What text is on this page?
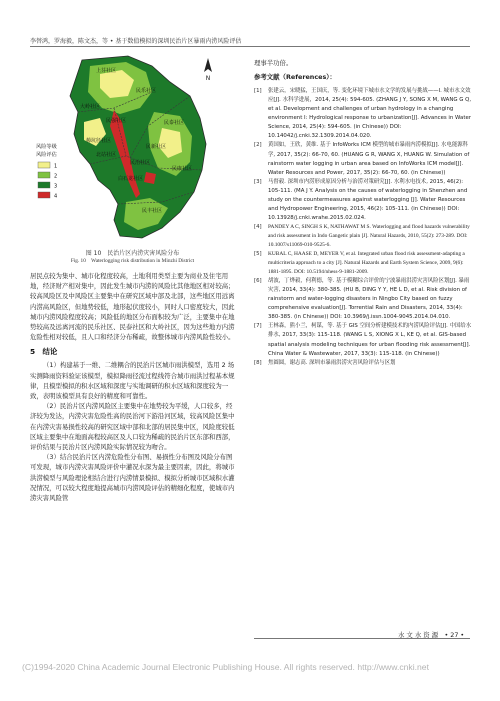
李替鸿，罗海毅，陈文杰，等 • 基于数值模拟的深圳民治片区暴雨内涝风险评估
N
上芬社区
民乐社区
大岭社区
民强社区
白石龙社区
民泰社区
民新社区
民康社区
民治社区
民丰社区
北站社区
樟坑径社区
风险等级
风险评估
1
2
3
4
图 10　民治片区内涝灾害风险分布
Fig. 10　Waterlogging risk distribution in Minzhi District

居民点较为集中、城市化程度较高，土地利用类型主要为商业及住宅用地，经济财产相对集中，因此发生城市内涝的风险比其他地区相对较高；较高风险区及中风险区主要集中在研究区域中部及北部，这些地区用远离内涝高风险区，但地势较低，地形起伏度较小，同时人口密度较大，因此城市内涝风险程度较高；风险低的地区分布面积较为广泛，主要集中在地势较高及远离河流的民乐社区、民泰社区和大岭社区，因为这些地方内涝危险性相对较低，且人口和经济分布稀疏，故整体城市内涝风险性较小。

5　结论

（1）构建基于一维、二维耦合的民治片区城市雨洪模型，选用 2 场实测降雨资料验证该模型，模拟降雨径流过程线符合城市雨洪过程基本规律，且模型模拟的积水区域和深度与实地调研的积水区域和深度较为一致，表明该模型具有良好的精度和可靠性。

（2）民治片区内涝风险区主要集中在地势较为平缓，人口较多，经济较为发达，内涝灾害危险性高的民治河下游沿河区域，较高风险区集中在内涝灾害易损性较高的研究区域中部和北部的居民集中区，风险度较低区域主要集中在地面高程较高区及人口较为稀疏的民治片区东部和西部，评价结果与民治片区内涝风险实际情况较为吻合。

（3）结合民治片区内涝危险性分布图、易损性分布图及风险分布图可发现，城市内涝灾害风险评价中灌况水深为最主要因素，因此，将城市洪涝模型与风险理论相结合进行内涝情景模拟、模拟分析城市区域积水灌况情况，可以较大程度地提高城市内涝风险评估的精细化程度，使城市内涝灾害风险管

理事半功倍。

参考文献（References）：
[1]	张建云，宋晓猛，王国庆，等. 变化环境下城市水文学的发展与挑战——Ⅰ. 城市水文效应[J]. 水科学进展，2014, 25(4): 594-605. (ZHANG J Y, SONG X M, WANG G Q, et al. Development and challenges of urban hydrology in a changing environment Ⅰ: Hydrological response to urbanization[J]. Advances in Water Science, 2014, 25(4): 594-605. (in Chinese)) DOI: 10.14042/j.cnki.32.1309.2014.04.020.
[2]	黄国如，王欣，黄维. 基于 InfoWorks ICM 模型的城市暴雨内涝模拟[J]. 水电能源科学, 2017, 35(2): 66-70, 60. (HUANG G R, WANG X, HUANG W. Simulation of rainstorm water logging in urban area based on InfoWorks ICM model[J]. Water Resources and Power, 2017, 35(2): 66-70, 60. (in Chinese))
[3]	马督毅. 深圳市内涝形成原因分析与治涝对策研究[J]. 水利水电技术, 2015, 46(2): 105-111. (MA J Y. Analysis on the causes of waterlogging in Shenzhen and study on the countermeasures against waterlogging [J]. Water Resources and Hydropower Engineering, 2015, 46(2): 105-111. (in Chinese)) DOI: 10.13928/j.cnki.wrahe.2015.02.024.
[4]	PANDEY A C, SINGH S K, NATHAWAT M S. Waterlogging and flood hazards vulnerability and risk assessment in Indo Gangetic plain [J]. Natural Hazards, 2010, 55(2): 273-289. DOI: 10.1007/s11069-010-9525-6.
[5]	KUBAL C, HAASE D, MEYER V, et al. Integrated urban flood risk assessment-adapting a multicriteria approach to a city [J]. Natural Hazards and Earth System Science, 2009, 9(6): 1881-1895. DOI: 10.5194/nhess-9-1881-2009.
[6]	胡波，丁烨毅，何利德，等. 基于模糊综合评价的宁波暴雨洪涝灾害风险区划[J]. 暴雨灾害, 2014, 33(4): 380-385. (HU B, DING Y Y, HE L D, et al. Risk division of rainstorm and water-logging disasters in Ningbo City based on fuzzy comprehensive evaluation[J]. Torrential Rain and Disasters, 2014, 33(4): 380-385. (in Chinese)) DOI: 10.3969/j.issn.1004-9045.2014.04.010.
[7]	王林森，熊小兰，柯谋，等. 基于 GIS 空间分析建模技术的内涝风险评估[J]. 中国给水排水, 2017, 33(3): 115-118. (WANG L S, XIONG X L, KE Q, et al. GIS-based spatial analysis modeling techniques for urban flooding risk assessment[J]. China Water & Wastewater, 2017, 33(3): 115-118. (in Chinese))
[8]	焦圆圆，谢志高. 深圳市暴雨洪涝灾害风险评估与区划
水 文 水 资 源　• 27 •
(C)1994-2020 China Academic Journal Electronic Publishing House. All rights reserved. http://www.cnki.net
